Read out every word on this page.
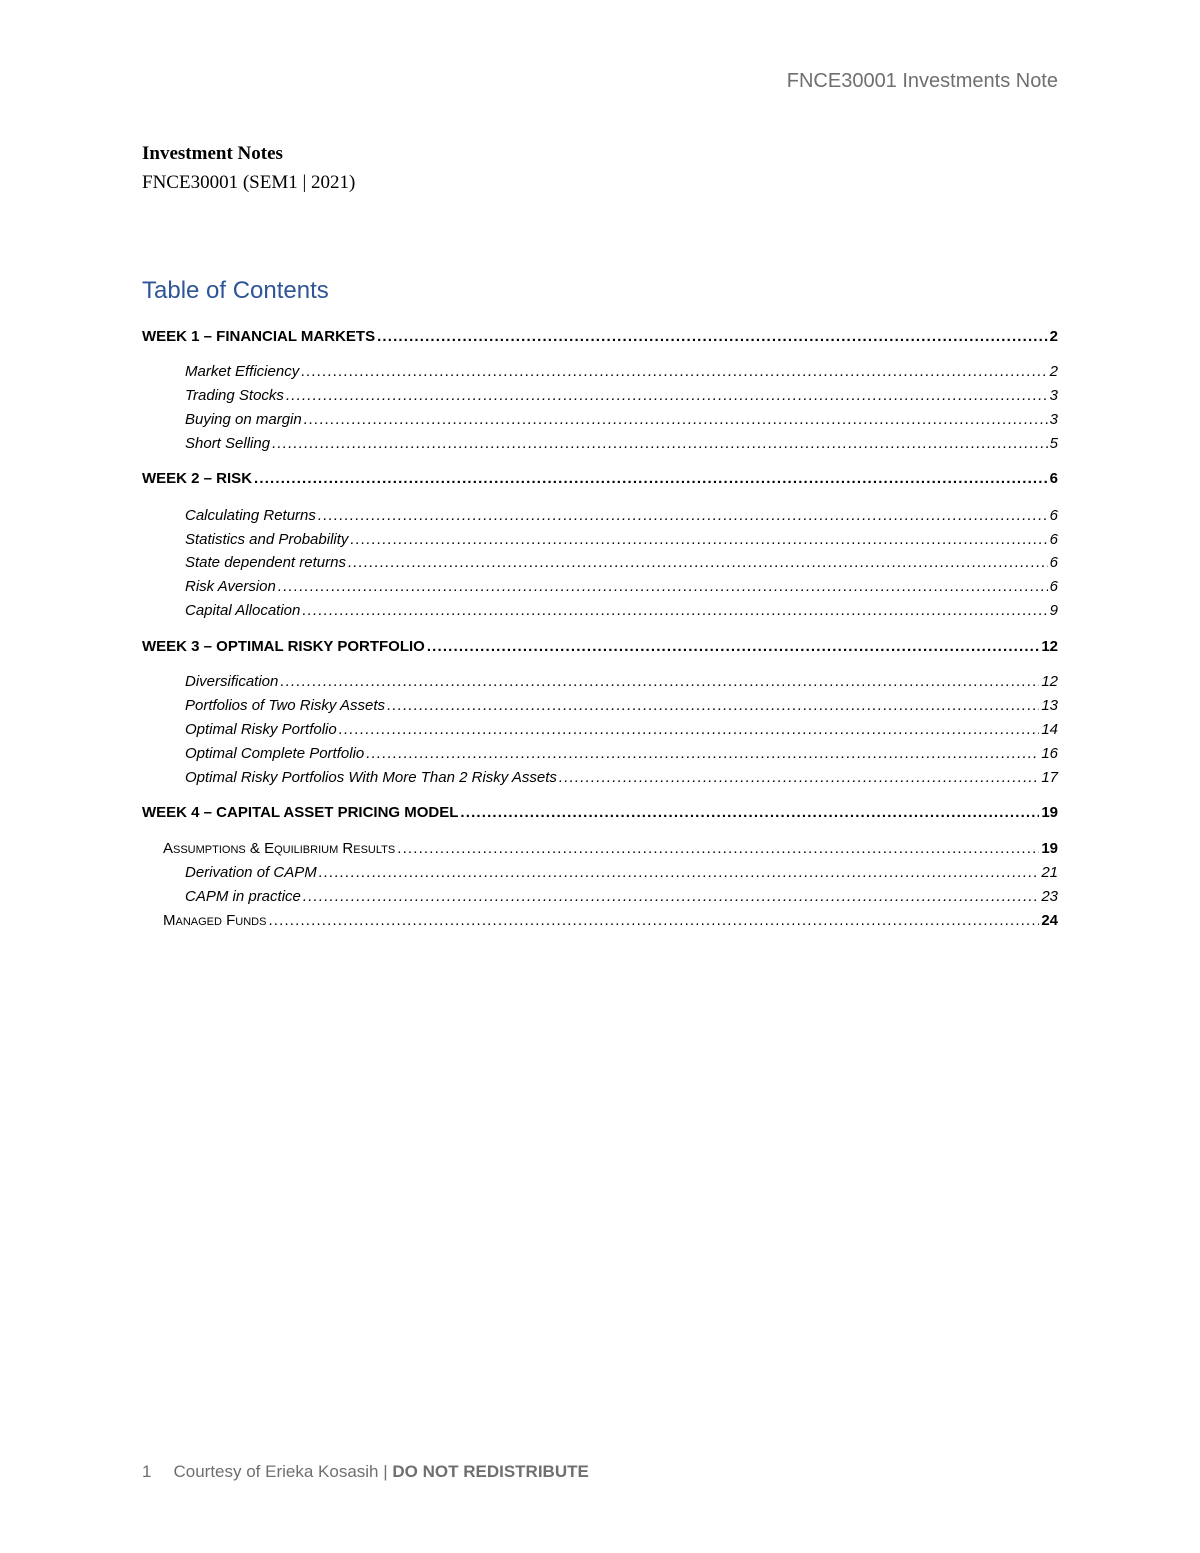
FNCE30001 Investments Note
Investment Notes
FNCE30001 (SEM1 | 2021)
Table of Contents
WEEK 1 – FINANCIAL MARKETS . . .	2
Market Efficiency . . .	2
Trading Stocks . . .	3
Buying on margin . . .	3
Short Selling . . .	5
WEEK 2 – RISK . . .	6
Calculating Returns . . .	6
Statistics and Probability . . .	6
State dependent returns . . .	6
Risk Aversion . . .	6
Capital Allocation . . .	9
WEEK 3 – OPTIMAL RISKY PORTFOLIO . . .	12
Diversification . . .	12
Portfolios of Two Risky Assets . . .	13
Optimal Risky Portfolio . . .	14
Optimal Complete Portfolio . . .	16
Optimal Risky Portfolios With More Than 2 Risky Assets . . .	17
WEEK 4 – CAPITAL ASSET PRICING MODEL . . .	19
Assumptions & Equilibrium Results . . .	19
Derivation of CAPM . . .	21
CAPM in practice . . .	23
Managed Funds . . .	24
1 Courtesy of Erieka Kosasih | DO NOT REDISTRIBUTE
